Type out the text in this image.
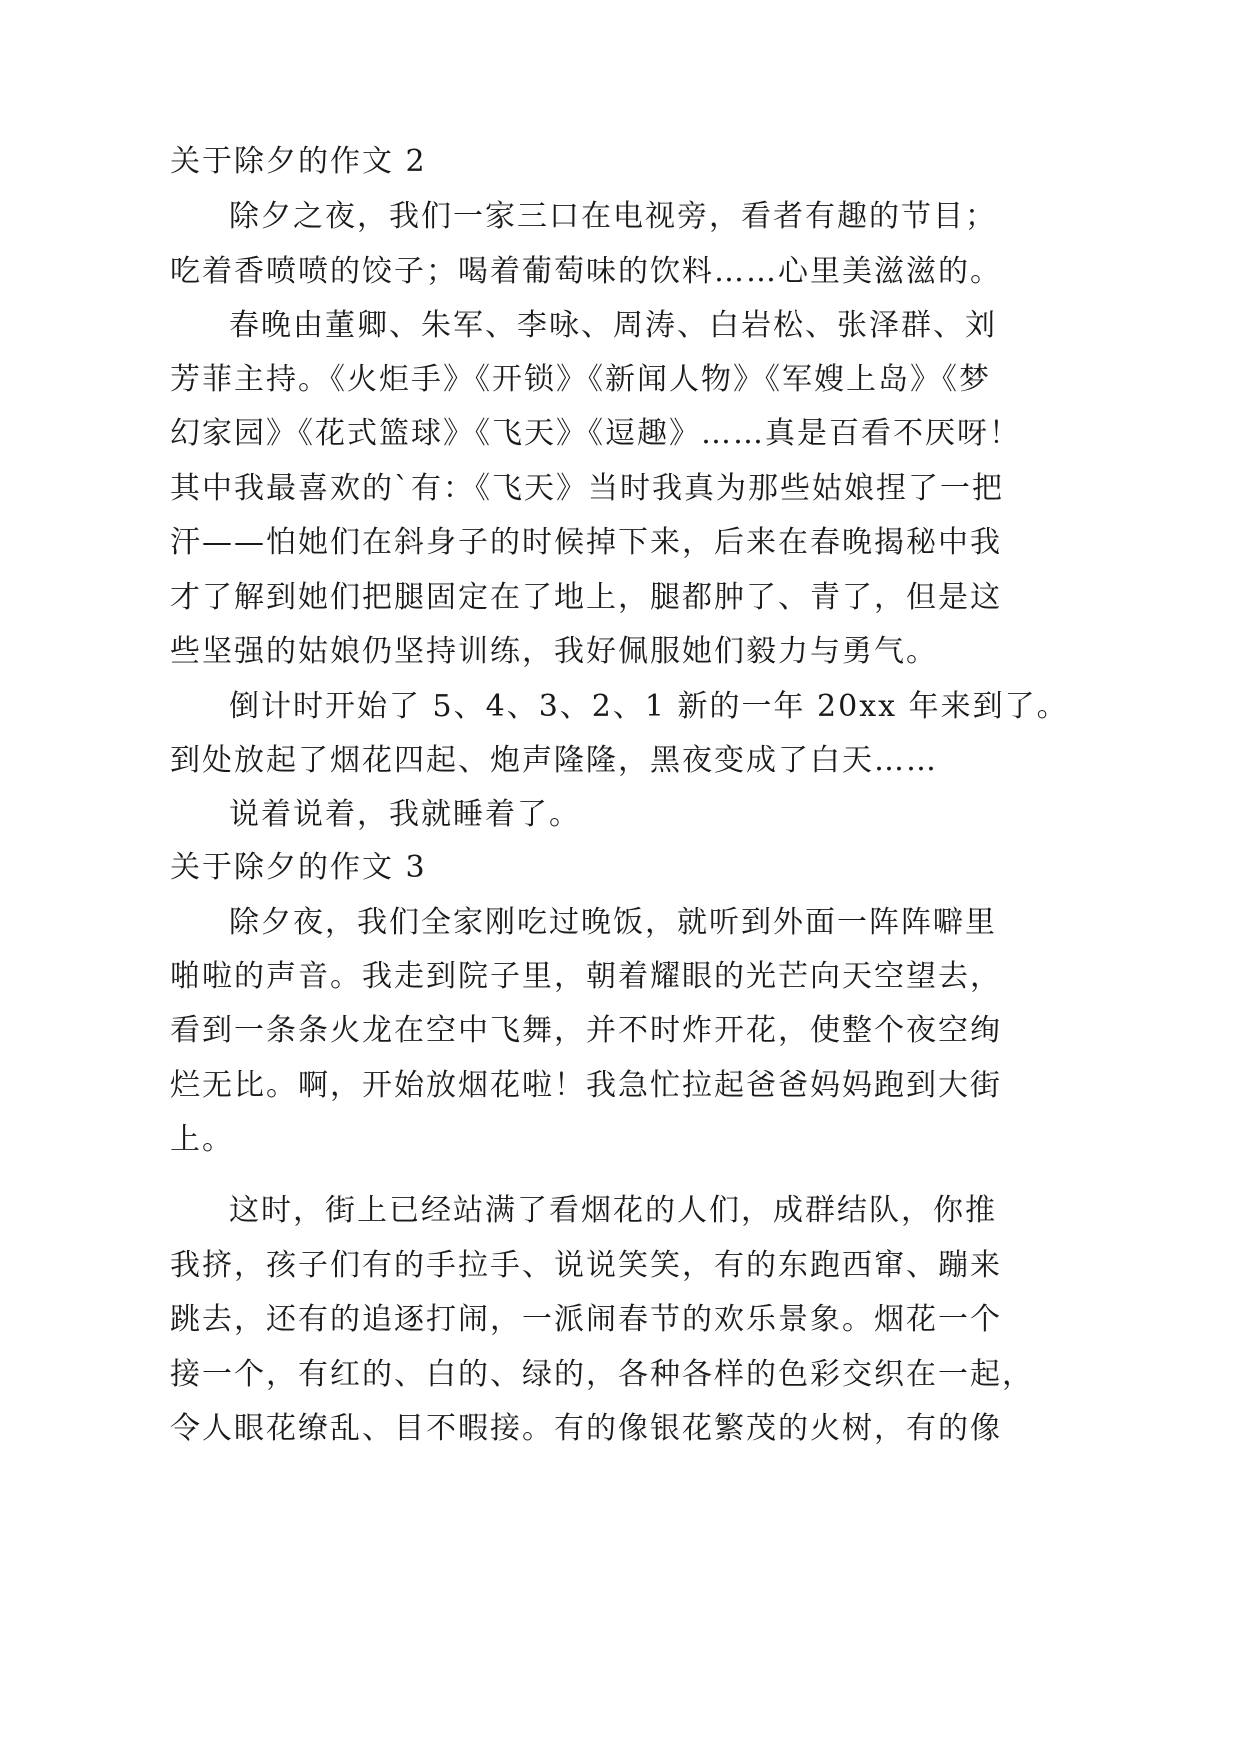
关于除夕的作文 2
除夕之夜，我们一家三口在电视旁，看者有趣的节目；
吃着香喷喷的饺子；喝着葡萄味的饮料……心里美滋滋的。
春晚由董卿、朱军、李咏、周涛、白岩松、张泽群、刘
芳菲主持。《火炬手》《开锁》《新闻人物》《军嫂上岛》《梦
幻家园》《花式篮球》《飞天》《逗趣》……真是百看不厌呀！
其中我最喜欢的`有：《飞天》当时我真为那些姑娘捏了一把
汗——怕她们在斜身子的时候掉下来，后来在春晚揭秘中我
才了解到她们把腿固定在了地上，腿都肿了、青了，但是这
些坚强的姑娘仍坚持训练，我好佩服她们毅力与勇气。
倒计时开始了 5、4、3、2、1 新的一年 20xx 年来到了。
到处放起了烟花四起、炮声隆隆，黑夜变成了白天……
说着说着，我就睡着了。
关于除夕的作文 3
除夕夜，我们全家刚吃过晚饭，就听到外面一阵阵噼里
啪啦的声音。我走到院子里，朝着耀眼的光芒向天空望去，
看到一条条火龙在空中飞舞，并不时炸开花，使整个夜空绚
烂无比。啊，开始放烟花啦！我急忙拉起爸爸妈妈跑到大街
上。
这时，街上已经站满了看烟花的人们，成群结队，你推
我挤，孩子们有的手拉手、说说笑笑，有的东跑西窜、蹦来
跳去，还有的追逐打闹，一派闹春节的欢乐景象。烟花一个
接一个，有红的、白的、绿的，各种各样的色彩交织在一起，
令人眼花缭乱、目不暇接。有的像银花繁茂的火树，有的像
